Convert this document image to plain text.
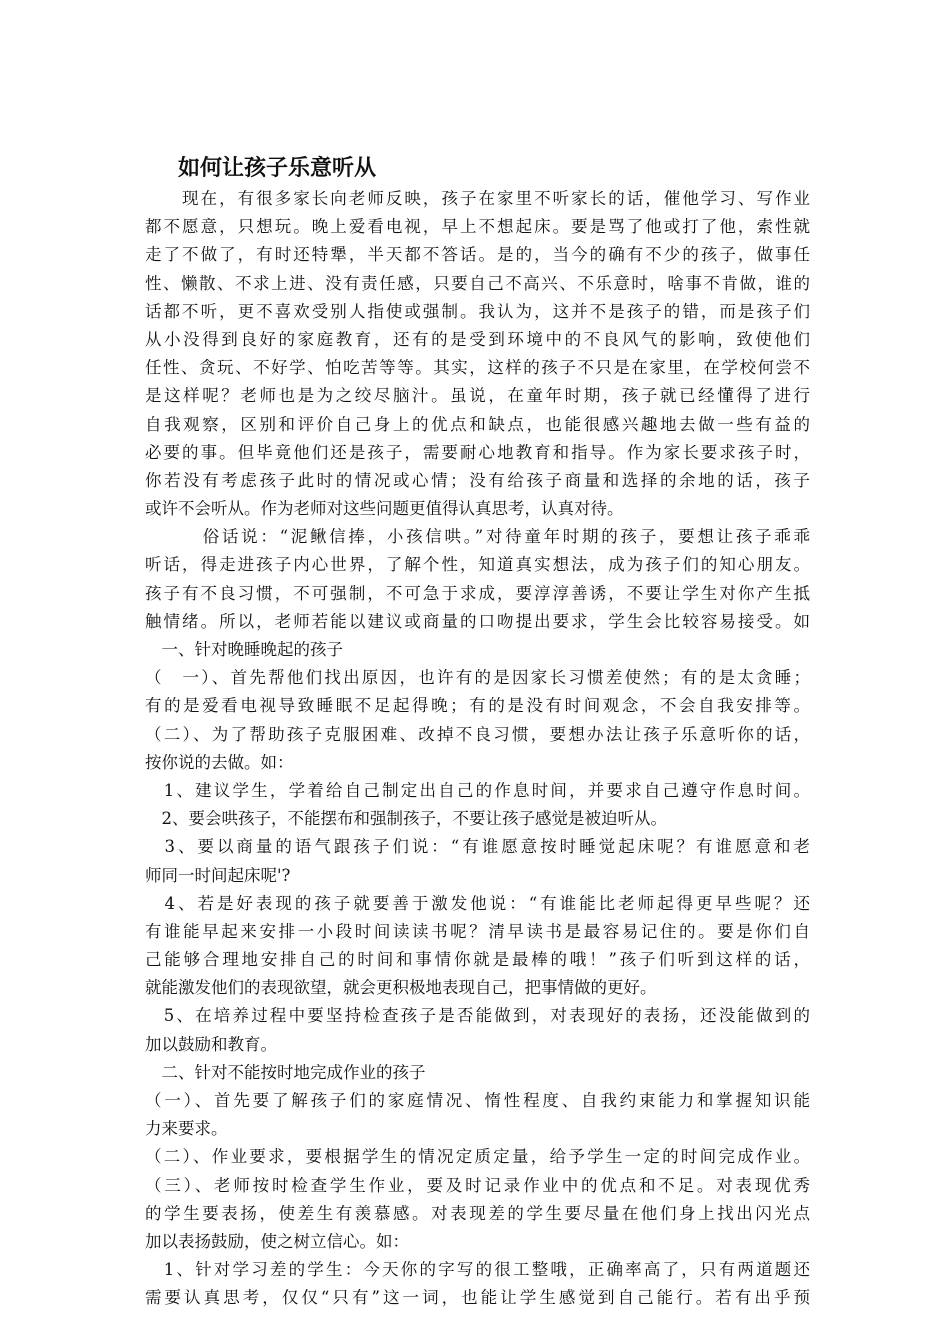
如何让孩子乐意听从
　　现在，有很多家长向老师反映，孩子在家里不听家长的话，催他学习、写作业
都不愿意，只想玩。晚上爱看电视，早上不想起床。要是骂了他或打了他，索性就
走了不做了，有时还特犟，半天都不答话。是的，当今的确有不少的孩子，做事任
性、懒散、不求上进、没有责任感，只要自己不高兴、不乐意时，啥事不肯做，谁的
话都不听，更不喜欢受别人指使或强制。我认为，这并不是孩子的错，而是孩子们
从小没得到良好的家庭教育，还有的是受到环境中的不良风气的影响，致使他们
任性、贪玩、不好学、怕吃苦等等。其实，这样的孩子不只是在家里，在学校何尝不
是这样呢？老师也是为之绞尽脑汁。虽说，在童年时期，孩子就已经懂得了进行
自我观察，区别和评价自己身上的优点和缺点，也能很感兴趣地去做一些有益的
必要的事。但毕竟他们还是孩子，需要耐心地教育和指导。作为家长要求孩子时，
你若没有考虑孩子此时的情况或心情；没有给孩子商量和选择的余地的话，孩子
或许不会听从。作为老师对这些问题更值得认真思考，认真对待。
　　　俗话说：“泥鳅信捧，小孩信哄。”对待童年时期的孩子，要想让孩子乖乖
听话，得走进孩子内心世界，了解个性，知道真实想法，成为孩子们的知心朋友。
孩子有不良习惯，不可强制，不可急于求成，要淳淳善诱，不要让学生对你产生抵
触情绪。所以，老师若能以建议或商量的口吻提出要求，学生会比较容易接受。如
　一、针对晚睡晚起的孩子
（　一）、首先帮他们找出原因，也许有的是因家长习惯差使然；有的是太贪睡；
有的是爱看电视导致睡眠不足起得晚；有的是没有时间观念，不会自我安排等。
（二）、为了帮助孩子克服困难、改掉不良习惯，要想办法让孩子乐意听你的话，
按你说的去做。如：
　1、建议学生，学着给自己制定出自己的作息时间，并要求自己遵守作息时间。
　2、要会哄孩子，不能摆布和强制孩子，不要让孩子感觉是被迫听从。
　3、要以商量的语气跟孩子们说：“有谁愿意按时睡觉起床呢？有谁愿意和老
师同一时间起床呢'?
　4、若是好表现的孩子就要善于激发他说：“有谁能比老师起得更早些呢？还
有谁能早起来安排一小段时间读读书呢？清早读书是最容易记住的。要是你们自
己能够合理地安排自己的时间和事情你就是最棒的哦！”孩子们听到这样的话，
就能激发他们的表现欲望，就会更积极地表现自己，把事情做的更好。
　5、在培养过程中要坚持检查孩子是否能做到，对表现好的表扬，还没能做到的
加以鼓励和教育。
　二、针对不能按时地完成作业的孩子
（一）、首先要了解孩子们的家庭情况、惰性程度、自我约束能力和掌握知识能
力来要求。
（二）、作业要求，要根据学生的情况定质定量，给予学生一定的时间完成作业。
（三）、老师按时检查学生作业，要及时记录作业中的优点和不足。对表现优秀
的学生要表扬，使差生有羡慕感。对表现差的学生要尽量在他们身上找出闪光点
加以表扬鼓励，使之树立信心。如：
　1、针对学习差的学生：今天你的字写的很工整哦，正确率高了，只有两道题还
需要认真思考，仅仅“只有”这一词，也能让学生感觉到自己能行。若有出乎预
